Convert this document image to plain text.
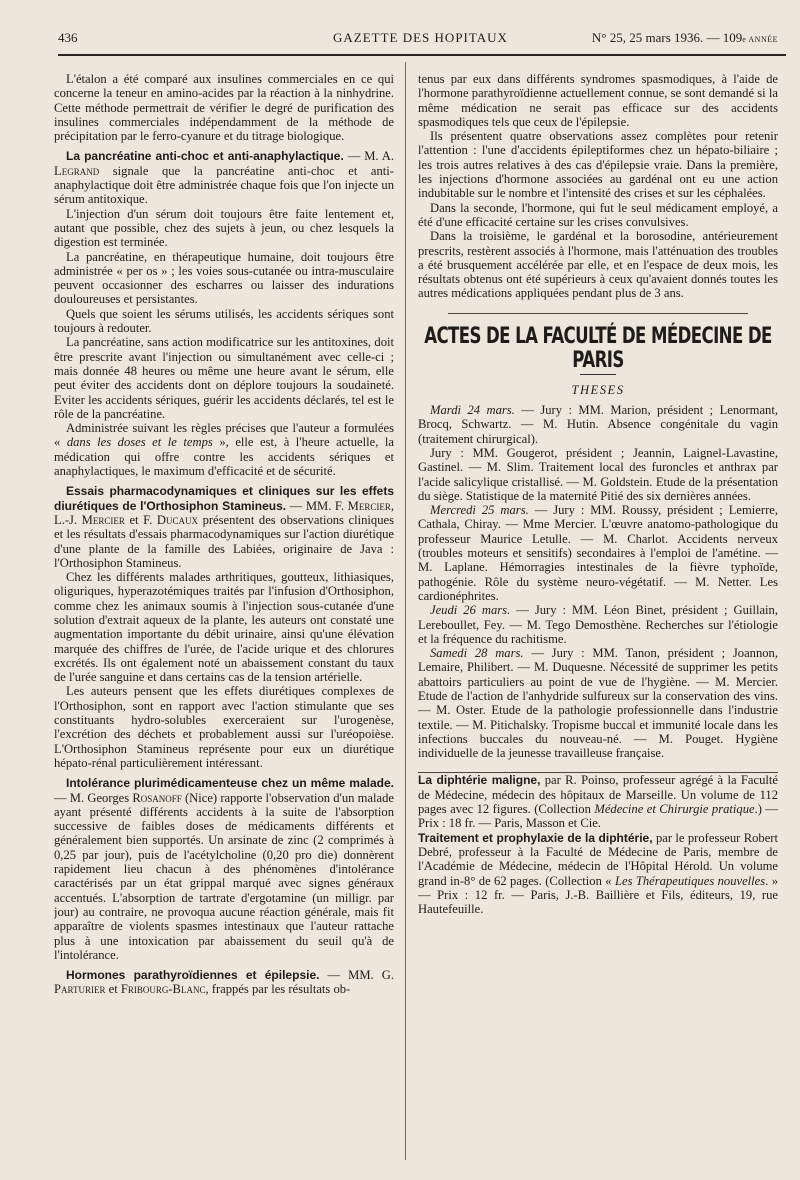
436	GAZETTE DES HOPITAUX	N° 25, 25 mars 1936. — 109e ANNÉE

L'étalon a été comparé aux insulines commerciales en ce qui concerne la teneur en amino-acides par la réaction à la ninhydrine. Cette méthode permettrait de vérifier le degré de purification des insulines commerciales indépendamment de la méthode de précipitation par le ferro-cyanure et du titrage biologique.

La pancréatine anti-choc et anti-anaphylactique. — M. A. Legrand signale que la pancréatine anti-choc et anti-anaphylactique doit être administrée chaque fois que l'on injecte un sérum antitoxique.

L'injection d'un sérum doit toujours être faite lentement et, autant que possible, chez des sujets à jeun, ou chez lesquels la digestion est terminée.

La pancréatine, en thérapeutique humaine, doit toujours être administrée « per os » ; les voies sous-cutanée ou intra-musculaire peuvent occasionner des escharres ou laisser des indurations douloureuses et persistantes.

Quels que soient les sérums utilisés, les accidents sériques sont toujours à redouter.

La pancréatine, sans action modificatrice sur les antitoxines, doit être prescrite avant l'injection ou simultanément avec celle-ci ; mais donnée 48 heures ou même une heure avant le sérum, elle peut éviter des accidents dont on déplore toujours la soudaineté. Eviter les accidents sériques, guérir les accidents déclarés, tel est le rôle de la pancréatine.

Administrée suivant les règles précises que l'auteur a formulées « dans les doses et le temps », elle est, à l'heure actuelle, la médication qui offre contre les accidents sériques et anaphylactiques, le maximum d'efficacité et de sécurité.

Essais pharmacodynamiques et cliniques sur les effets diurétiques de l'Orthosiphon Stamineus. — MM. F. Mercier, L.-J. Mercier et F. Ducaux présentent des observations cliniques et les résultats d'essais pharmacodynamiques sur l'action diurétique d'une plante de la famille des Labiées, originaire de Java : l'Orthosiphon Stamineus.

Chez les différents malades arthritiques, goutteux, lithiasiques, oliguriques, hyperazotémiques traités par l'infusion d'Orthosiphon, comme chez les animaux soumis à l'injection sous-cutanée d'une solution d'extrait aqueux de la plante, les auteurs ont constaté une augmentation importante du débit urinaire, ainsi qu'une élévation marquée des chiffres de l'urée, de l'acide urique et des chlorures excrétés. Ils ont également noté un abaissement constant du taux de l'urée sanguine et dans certains cas de la tension artérielle.

Les auteurs pensent que les effets diurétiques complexes de l'Orthosiphon, sont en rapport avec l'action stimulante que ses constituants hydro-solubles exerceraient sur l'urogenèse, l'excrétion des déchets et probablement aussi sur l'uréopoièse. L'Orthosiphon Stamineus représente pour eux un diurétique hépato-rénal particulièrement intéressant.

Intolérance plurimédicamenteuse chez un même malade. — M. Georges Rosanoff (Nice) rapporte l'observation d'un malade ayant présenté différents accidents à la suite de l'absorption successive de faibles doses de médicaments différents et généralement bien supportés. Un arsinate de zinc (2 comprimés à 0,25 par jour), puis de l'acétylcholine (0,20 pro die) donnèrent rapidement lieu chacun à des phénomènes d'intolérance caractérisés par un état grippal marqué avec signes généraux accentués. L'absorption de tartrate d'ergotamine (un milligr. par jour) au contraire, ne provoqua aucune réaction générale, mais fit apparaître de violents spasmes intestinaux que l'auteur rattache plus à une intoxication par abaissement du seuil qu'à de l'intolérance.

Hormones parathyroïdiennes et épilepsie. — MM. G. Parturier et Fribourg-Blanc, frappés par les résultats ob-

tenus par eux dans différents syndromes spasmodiques, à l'aide de l'hormone parathyroïdienne actuellement connue, se sont demandé si la même médication ne serait pas efficace sur des accidents spasmodiques tels que ceux de l'épilepsie.

Ils présentent quatre observations assez complètes pour retenir l'attention : l'une d'accidents épileptiformes chez un hépato-biliaire ; les trois autres relatives à des cas d'épilepsie vraie. Dans la première, les injections d'hormone associées au gardénal ont eu une action indubitable sur le nombre et l'intensité des crises et sur les céphalées.

Dans la seconde, l'hormone, qui fut le seul médicament employé, a été d'une efficacité certaine sur les crises convulsives.

Dans la troisième, le gardénal et la borosodine, antérieurement prescrits, restèrent associés à l'hormone, mais l'atténuation des troubles a été brusquement accélérée par elle, et en l'espace de deux mois, les résultats obtenus ont été supérieurs à ceux qu'avaient donnés toutes les autres médications appliquées pendant plus de 3 ans.

ACTES DE LA FACULTÉ DE MÉDECINE DE PARIS
THESES

Mardi 24 mars. — Jury : MM. Marion, président ; Lenormant, Brocq, Schwartz. — M. Hutin. Absence congénitale du vagin (traitement chirurgical).

Jury : MM. Gougerot, président ; Jeannin, Laignel-Lavastine, Gastinel. — M. Slim. Traitement local des furoncles et anthrax par l'acide salicylique cristallisé. — M. Goldstein. Etude de la présentation du siège. Statistique de la maternité Pitié des six dernières années.

Mercredi 25 mars. — Jury : MM. Roussy, président ; Lemierre, Cathala, Chiray. — Mme Mercier. L'œuvre anatomo-pathologique du professeur Maurice Letulle. — M. Charlot. Accidents nerveux (troubles moteurs et sensitifs) secondaires à l'emploi de l'amétine. — M. Laplane. Hémorragies intestinales de la fièvre typhoïde, pathogénie. Rôle du système neuro-végétatif. — M. Netter. Les cardionéphrites.

Jeudi 26 mars. — Jury : MM. Léon Binet, président ; Guillain, Lereboullet, Fey. — M. Tego Demosthène. Recherches sur l'étiologie et la fréquence du rachitisme.

Samedi 28 mars. — Jury : MM. Tanon, président ; Joannon, Lemaire, Philibert. — M. Duquesne. Nécessité de supprimer les petits abattoirs particuliers au point de vue de l'hygiène. — M. Mercier. Etude de l'action de l'anhydride sulfureux sur la conservation des vins. — M. Oster. Etude de la pathologie professionnelle dans l'industrie textile. — M. Pitichalsky. Tropisme buccal et immunité locale dans les infections buccales du nouveau-né. — M. Pouget. Hygiène individuelle de la jeunesse travailleuse française.

La diphtérie maligne, par R. Poinso, professeur agrégé à la Faculté de Médecine, médecin des hôpitaux de Marseille. Un volume de 112 pages avec 12 figures. (Collection Médecine et Chirurgie pratique.) — Prix : 18 fr. — Paris, Masson et Cie.

Traitement et prophylaxie de la diphtérie, par le professeur Robert Debré, professeur à la Faculté de Médecine de Paris, membre de l'Académie de Médecine, médecin de l'Hôpital Hérold. Un volume grand in-8° de 62 pages. (Collection « Les Thérapeutiques nouvelles. » — Prix : 12 fr. — Paris, J.-B. Baillière et Fils, éditeurs, 19, rue Hautefeuille.
